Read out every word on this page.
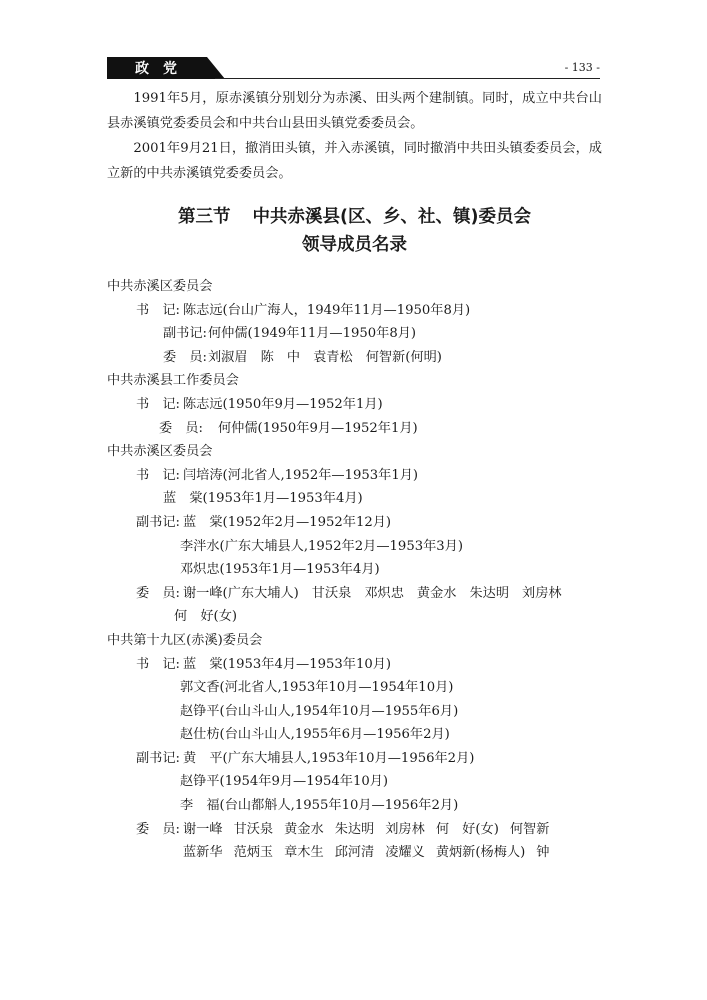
政党	- 133 -

1991年5月，原赤溪镇分别划分为赤溪、田头两个建制镇。同时，成立中共台山县赤溪镇党委委员会和中共台山县田头镇党委委员会。

2001年9月21日，撤消田头镇，并入赤溪镇，同时撤消中共田头镇委委员会，成立新的中共赤溪镇党委委员会。

第三节 中共赤溪县(区、乡、社、镇)委员会
领导成员名录
中共赤溪区委员会
书　记: 陈志远(台山广海人，1949年11月—1950年8月)
副书记: 何仲儒(1949年11月—1950年8月)
委　员: 刘淑眉 陈　中 袁青松 何智新(何明)
中共赤溪县工作委员会
书　记: 陈志远(1950年9月—1952年1月)
委　员: 何仲儒(1950年9月—1952年1月)
中共赤溪区委员会
书　记: 闫培涛(河北省人,1952年—1953年1月)
蓝　棠(1953年1月—1953年4月)
副书记: 蓝　棠(1952年2月—1952年12月)
李泮水(广东大埔县人,1952年2月—1953年3月)
邓炽忠(1953年1月—1953年4月)
委　员: 谢一峰(广东大埔人) 甘沃泉 邓炽忠 黄金水 朱达明 刘房林
何　好(女)
中共第十九区(赤溪)委员会
书　记: 蓝　棠(1953年4月—1953年10月)
郭文香(河北省人,1953年10月—1954年10月)
赵铮平(台山斗山人,1954年10月—1955年6月)
赵仕枋(台山斗山人,1955年6月—1956年2月)
副书记: 黄　平(广东大埔县人,1953年10月—1956年2月)
赵铮平(1954年9月—1954年10月)
李　福(台山都斛人,1955年10月—1956年2月)
委　员: 谢一峰 甘沃泉 黄金水 朱达明 刘房林 何　好(女) 何智新
蓝新华 范炳玉 章木生 邱河清 凌耀义 黄炳新(杨梅人) 钟
